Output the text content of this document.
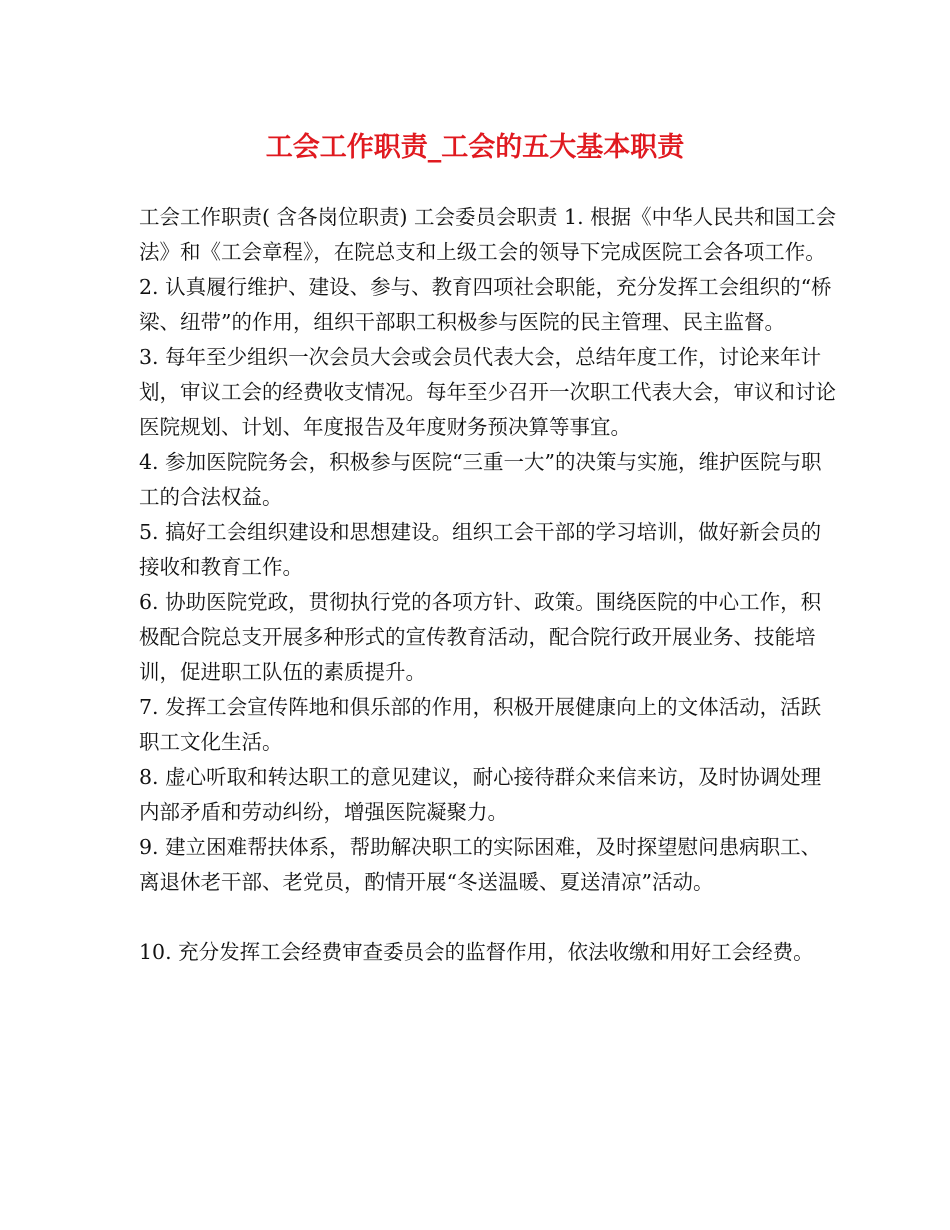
工会工作职责_工会的五大基本职责

工会工作职责( 含各岗位职责) 工会委员会职责 1. 根据《中华人民共和国工会法》和《工会章程》，在院总支和上级工会的领导下完成医院工会各项工作。

2. 认真履行维护、建设、参与、教育四项社会职能，充分发挥工会组织的“桥梁、纽带”的作用，组织干部职工积极参与医院的民主管理、民主监督。

3. 每年至少组织一次会员大会或会员代表大会，总结年度工作，讨论来年计划，审议工会的经费收支情况。每年至少召开一次职工代表大会，审议和讨论医院规划、计划、年度报告及年度财务预决算等事宜。

4. 参加医院院务会，积极参与医院“三重一大”的决策与实施，维护医院与职工的合法权益。

5. 搞好工会组织建设和思想建设。组织工会干部的学习培训，做好新会员的接收和教育工作。

6. 协助医院党政，贯彻执行党的各项方针、政策。围绕医院的中心工作，积极配合院总支开展多种形式的宣传教育活动，配合院行政开展业务、技能培训，促进职工队伍的素质提升。

7. 发挥工会宣传阵地和俱乐部的作用，积极开展健康向上的文体活动，活跃职工文化生活。

8. 虚心听取和转达职工的意见建议，耐心接待群众来信来访，及时协调处理内部矛盾和劳动纠纷，增强医院凝聚力。

9. 建立困难帮扶体系，帮助解决职工的实际困难，及时探望慰问患病职工、离退休老干部、老党员，酌情开展“冬送温暖、夏送清凉”活动。

10. 充分发挥工会经费审查委员会的监督作用，依法收缴和用好工会经费。
